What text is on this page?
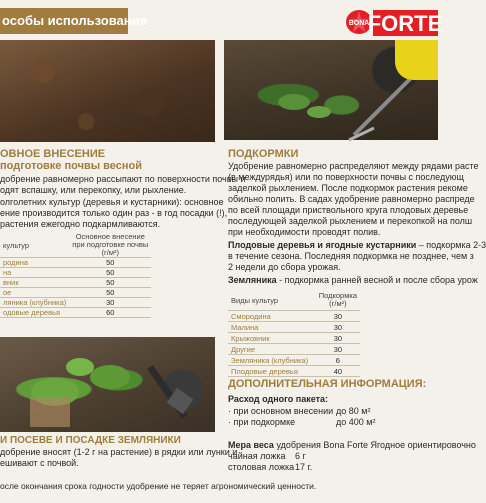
особы использования	BONA
FORTE
ОВНОЕ ВНЕСЕНИЕ
подготовке почвы весной
добрение равномерно рассыпают по поверхности почвы и
одят вспашку, или перекопку, или рыхление.
олголетних культур (деревья и кустарники): основное
ение производится только один раз - в год посадки (!),
растения ежегодно подкармливаются.
культур	Основное внесение
при подготовке почвы
(г/м²)

родина	50
на	50
вник	50
ое	50
ляника (клубника)	30
одовые деревья	60
И ПОСЕВЕ И ПОСАДКЕ ЗЕМЛЯНИКИ
добрение вносят (1-2 г на растение) в рядки или лунки и
ешивают с почвой.
ПОДКОРМКИ
Удобрение равномерно распределяют между рядами расте
(в междурядья) или по поверхности почвы с последующ
заделкой рыхлением. После подкормок растения рекоме
обильно полить. В садах удобрение равномерно распреде
по всей площади приствольного круга плодовых деревье
последующей заделкой рыхлением и перекопкой на полш
при необходимости проводят полив.
Плодовые деревья и ягодные кустарники – подкормка 2-3
в течение сезона. Последняя подкормка не позднее, чем з
2 недели до сбора урожая.
Земляника - подкормка ранней весной и после сбора урож
Виды культур	Подкормка
(г/м²)

Смородина	30
Малина	30
Крыжовник	30
Другие	30
Земляника (клубника)	6
Плодовые деревья	40
ДОПОЛНИТЕЛЬНАЯ ИНФОРМАЦИЯ:
Расход одного пакета:
· при основном внесении до 80 м²
· при подкормке	до 400 м²
Мера веса удобрения Bona Forte Ягодное ориентировочно
чайная ложка 6 г
столовая ложка 17 г.
осле окончания срока годности удобрение не теряет агрономический ценности.
